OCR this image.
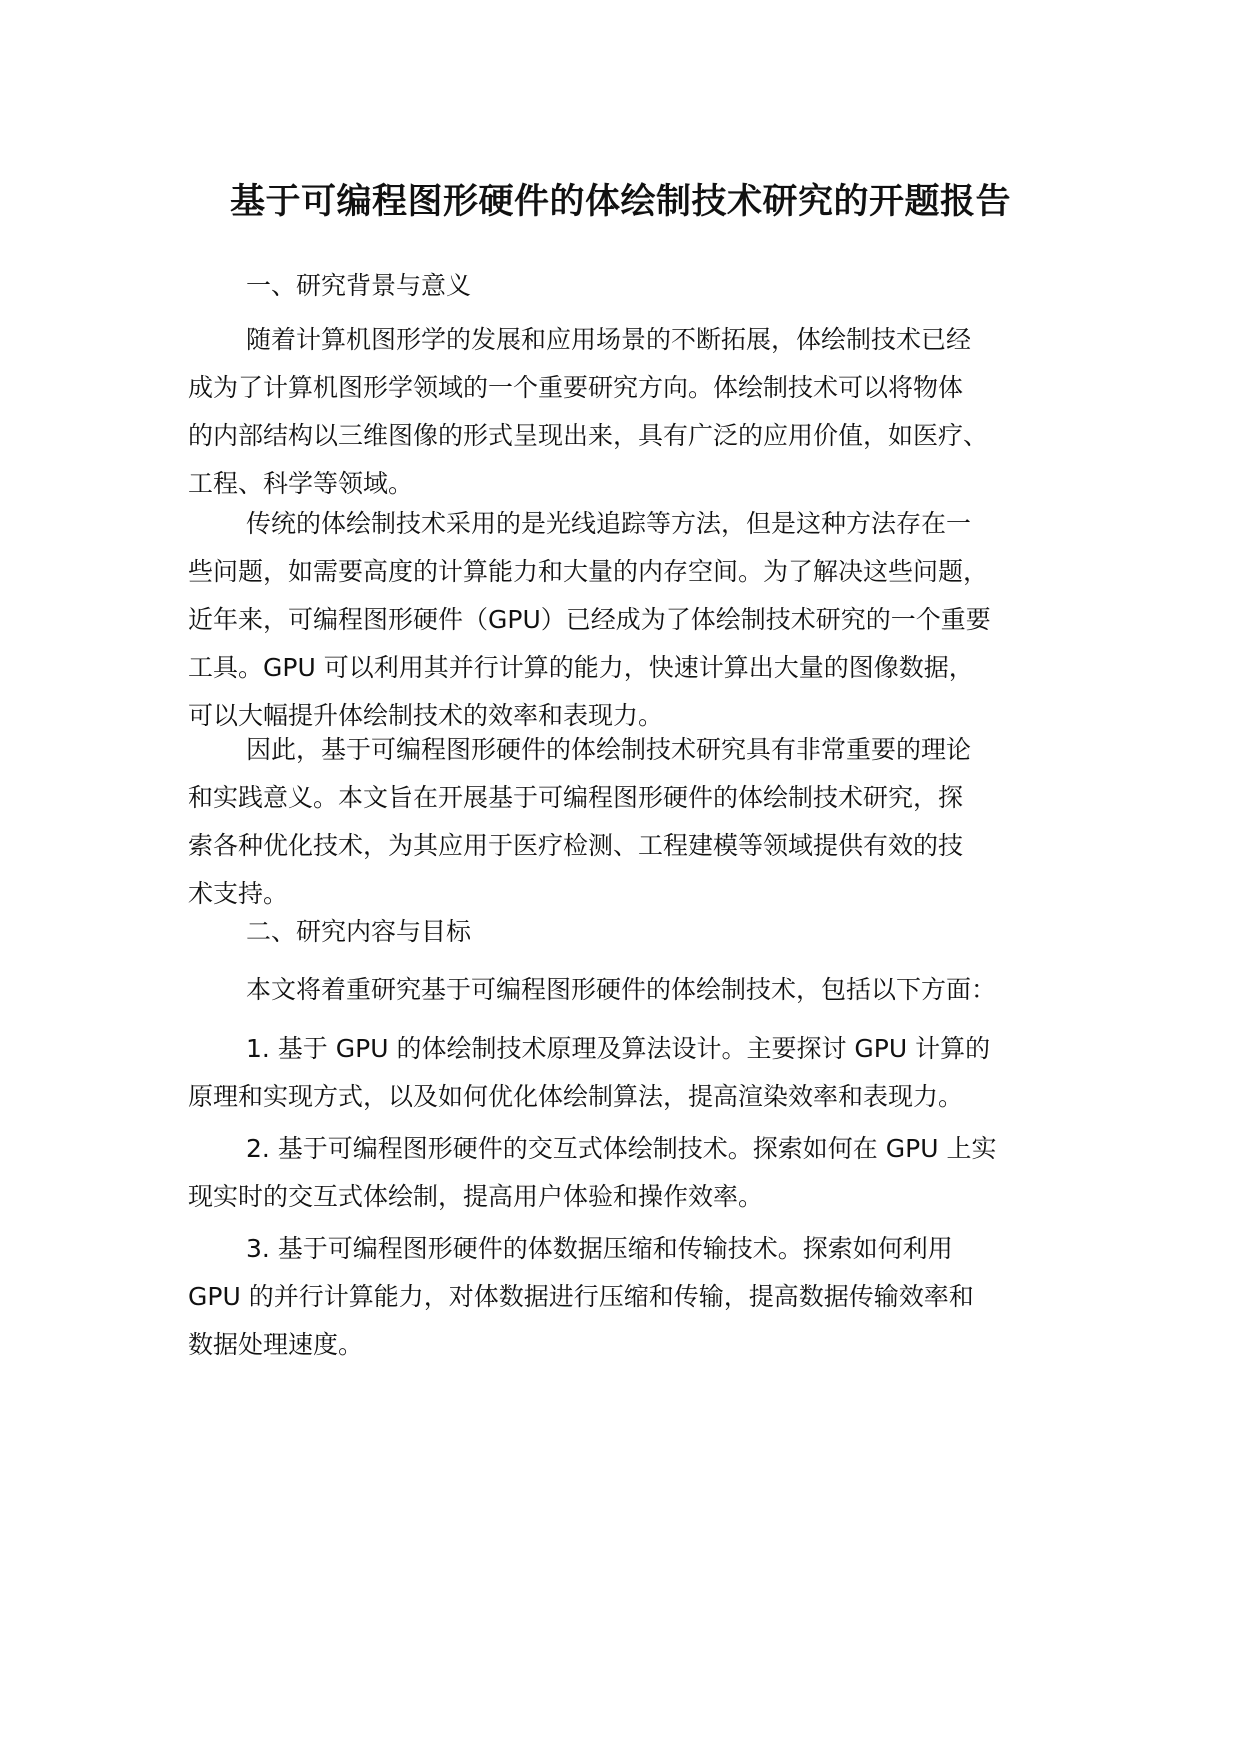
基于可编程图形硬件的体绘制技术研究的开题报告
一、研究背景与意义
随着计算机图形学的发展和应用场景的不断拓展，体绘制技术已经
成为了计算机图形学领域的一个重要研究方向。体绘制技术可以将物体
的内部结构以三维图像的形式呈现出来，具有广泛的应用价值，如医疗、
工程、科学等领域。
传统的体绘制技术采用的是光线追踪等方法，但是这种方法存在一
些问题，如需要高度的计算能力和大量的内存空间。为了解决这些问题，
近年来，可编程图形硬件（GPU）已经成为了体绘制技术研究的一个重要
工具。GPU 可以利用其并行计算的能力，快速计算出大量的图像数据，
可以大幅提升体绘制技术的效率和表现力。
因此，基于可编程图形硬件的体绘制技术研究具有非常重要的理论
和实践意义。本文旨在开展基于可编程图形硬件的体绘制技术研究，探
索各种优化技术，为其应用于医疗检测、工程建模等领域提供有效的技
术支持。
二、研究内容与目标
本文将着重研究基于可编程图形硬件的体绘制技术，包括以下方面：
1. 基于 GPU 的体绘制技术原理及算法设计。主要探讨 GPU 计算的
原理和实现方式，以及如何优化体绘制算法，提高渲染效率和表现力。
2. 基于可编程图形硬件的交互式体绘制技术。探索如何在 GPU 上实
现实时的交互式体绘制，提高用户体验和操作效率。
3. 基于可编程图形硬件的体数据压缩和传输技术。探索如何利用
GPU 的并行计算能力，对体数据进行压缩和传输，提高数据传输效率和
数据处理速度。
